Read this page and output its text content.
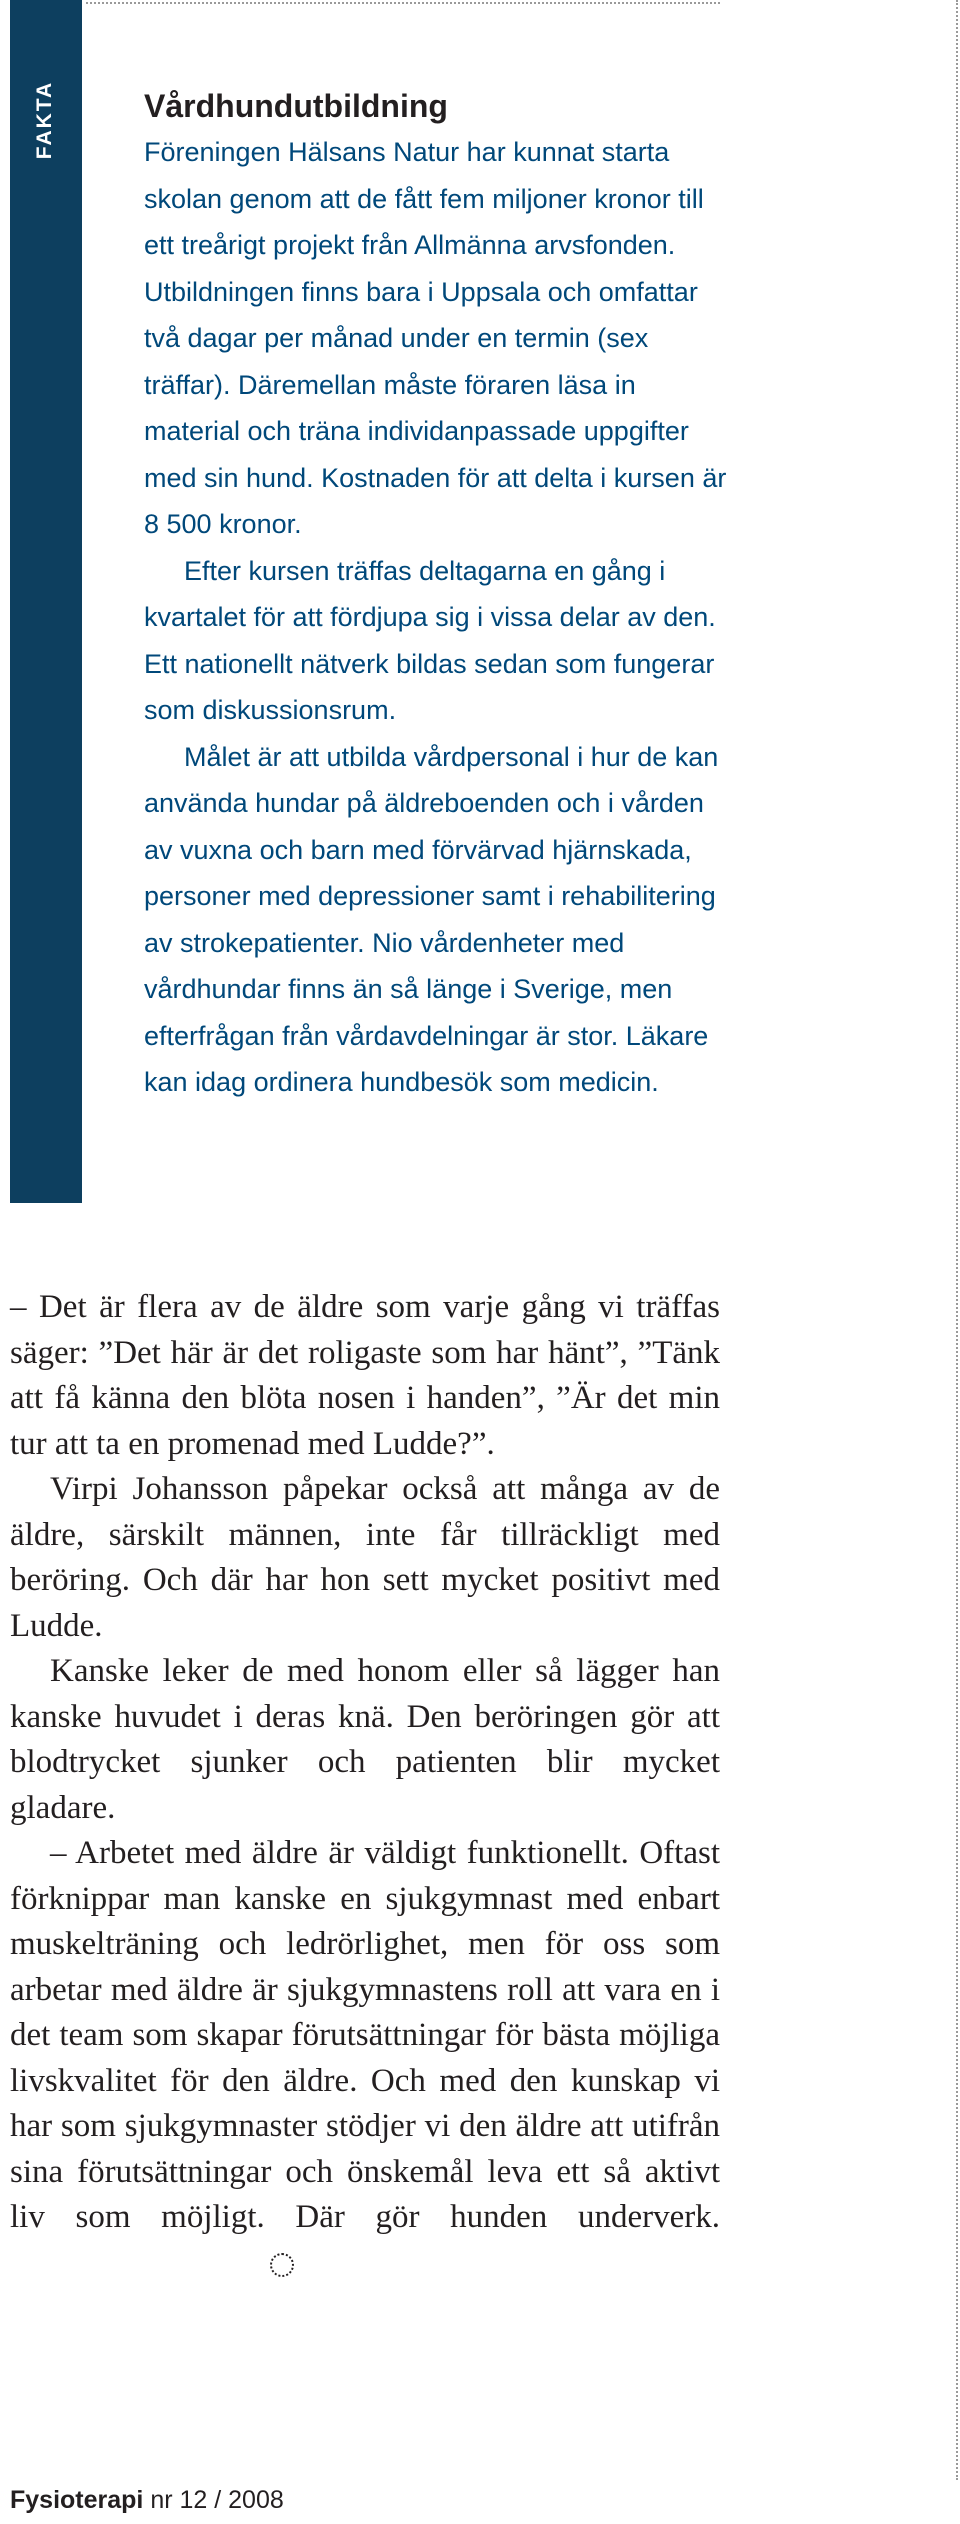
FAKTA	Vårdhundutbildning

Föreningen Hälsans Natur har kunnat starta skolan genom att de fått fem miljoner kronor till ett treårigt projekt från Allmänna arvsfonden. Utbildningen finns bara i Uppsala och omfattar två dagar per månad under en termin (sex träffar). Däremellan måste föraren läsa in material och träna individanpassade uppgifter med sin hund. Kostnaden för att delta i kursen är 8 500 kronor.

Efter kursen träffas deltagarna en gång i kvartalet för att fördjupa sig i vissa delar av den. Ett nationellt nätverk bildas sedan som fungerar som diskussionsrum.

Målet är att utbilda vårdpersonal i hur de kan använda hundar på äldreboenden och i vården av vuxna och barn med förvärvad hjärnskada, personer med depressioner samt i rehabilitering av strokepatienter. Nio vårdenheter med vårdhundar finns än så länge i Sverige, men efterfrågan från vårdavdelningar är stor. Läkare kan idag ordinera hundbesök som medicin.

– Det är flera av de äldre som varje gång vi träffas säger: ”Det här är det roligaste som har hänt”, ”Tänk att få känna den blöta nosen i handen”, ”Är det min tur att ta en promenad med Ludde?”.

Virpi Johansson påpekar också att många av de äldre, särskilt männen, inte får tillräckligt med beröring. Och där har hon sett mycket positivt med Ludde.

Kanske leker de med honom eller så lägger han kanske huvudet i deras knä. Den beröringen gör att blodtrycket sjunker och patienten blir mycket gladare.

– Arbetet med äldre är väldigt funktionellt. Oftast förknippar man kanske en sjukgymnast med enbart muskelträning och ledrörlighet, men för oss som arbetar med äldre är sjukgymnastens roll att vara en i det team som skapar förutsättningar för bästa möjliga livskvalitet för den äldre. Och med den kunskap vi har som sjukgymnaster stödjer vi den äldre att utifrån sina förutsättningar och önskemål leva ett så aktivt liv som möjligt. Där gör hunden underverk.

Fysioterapi nr 12 / 2008
